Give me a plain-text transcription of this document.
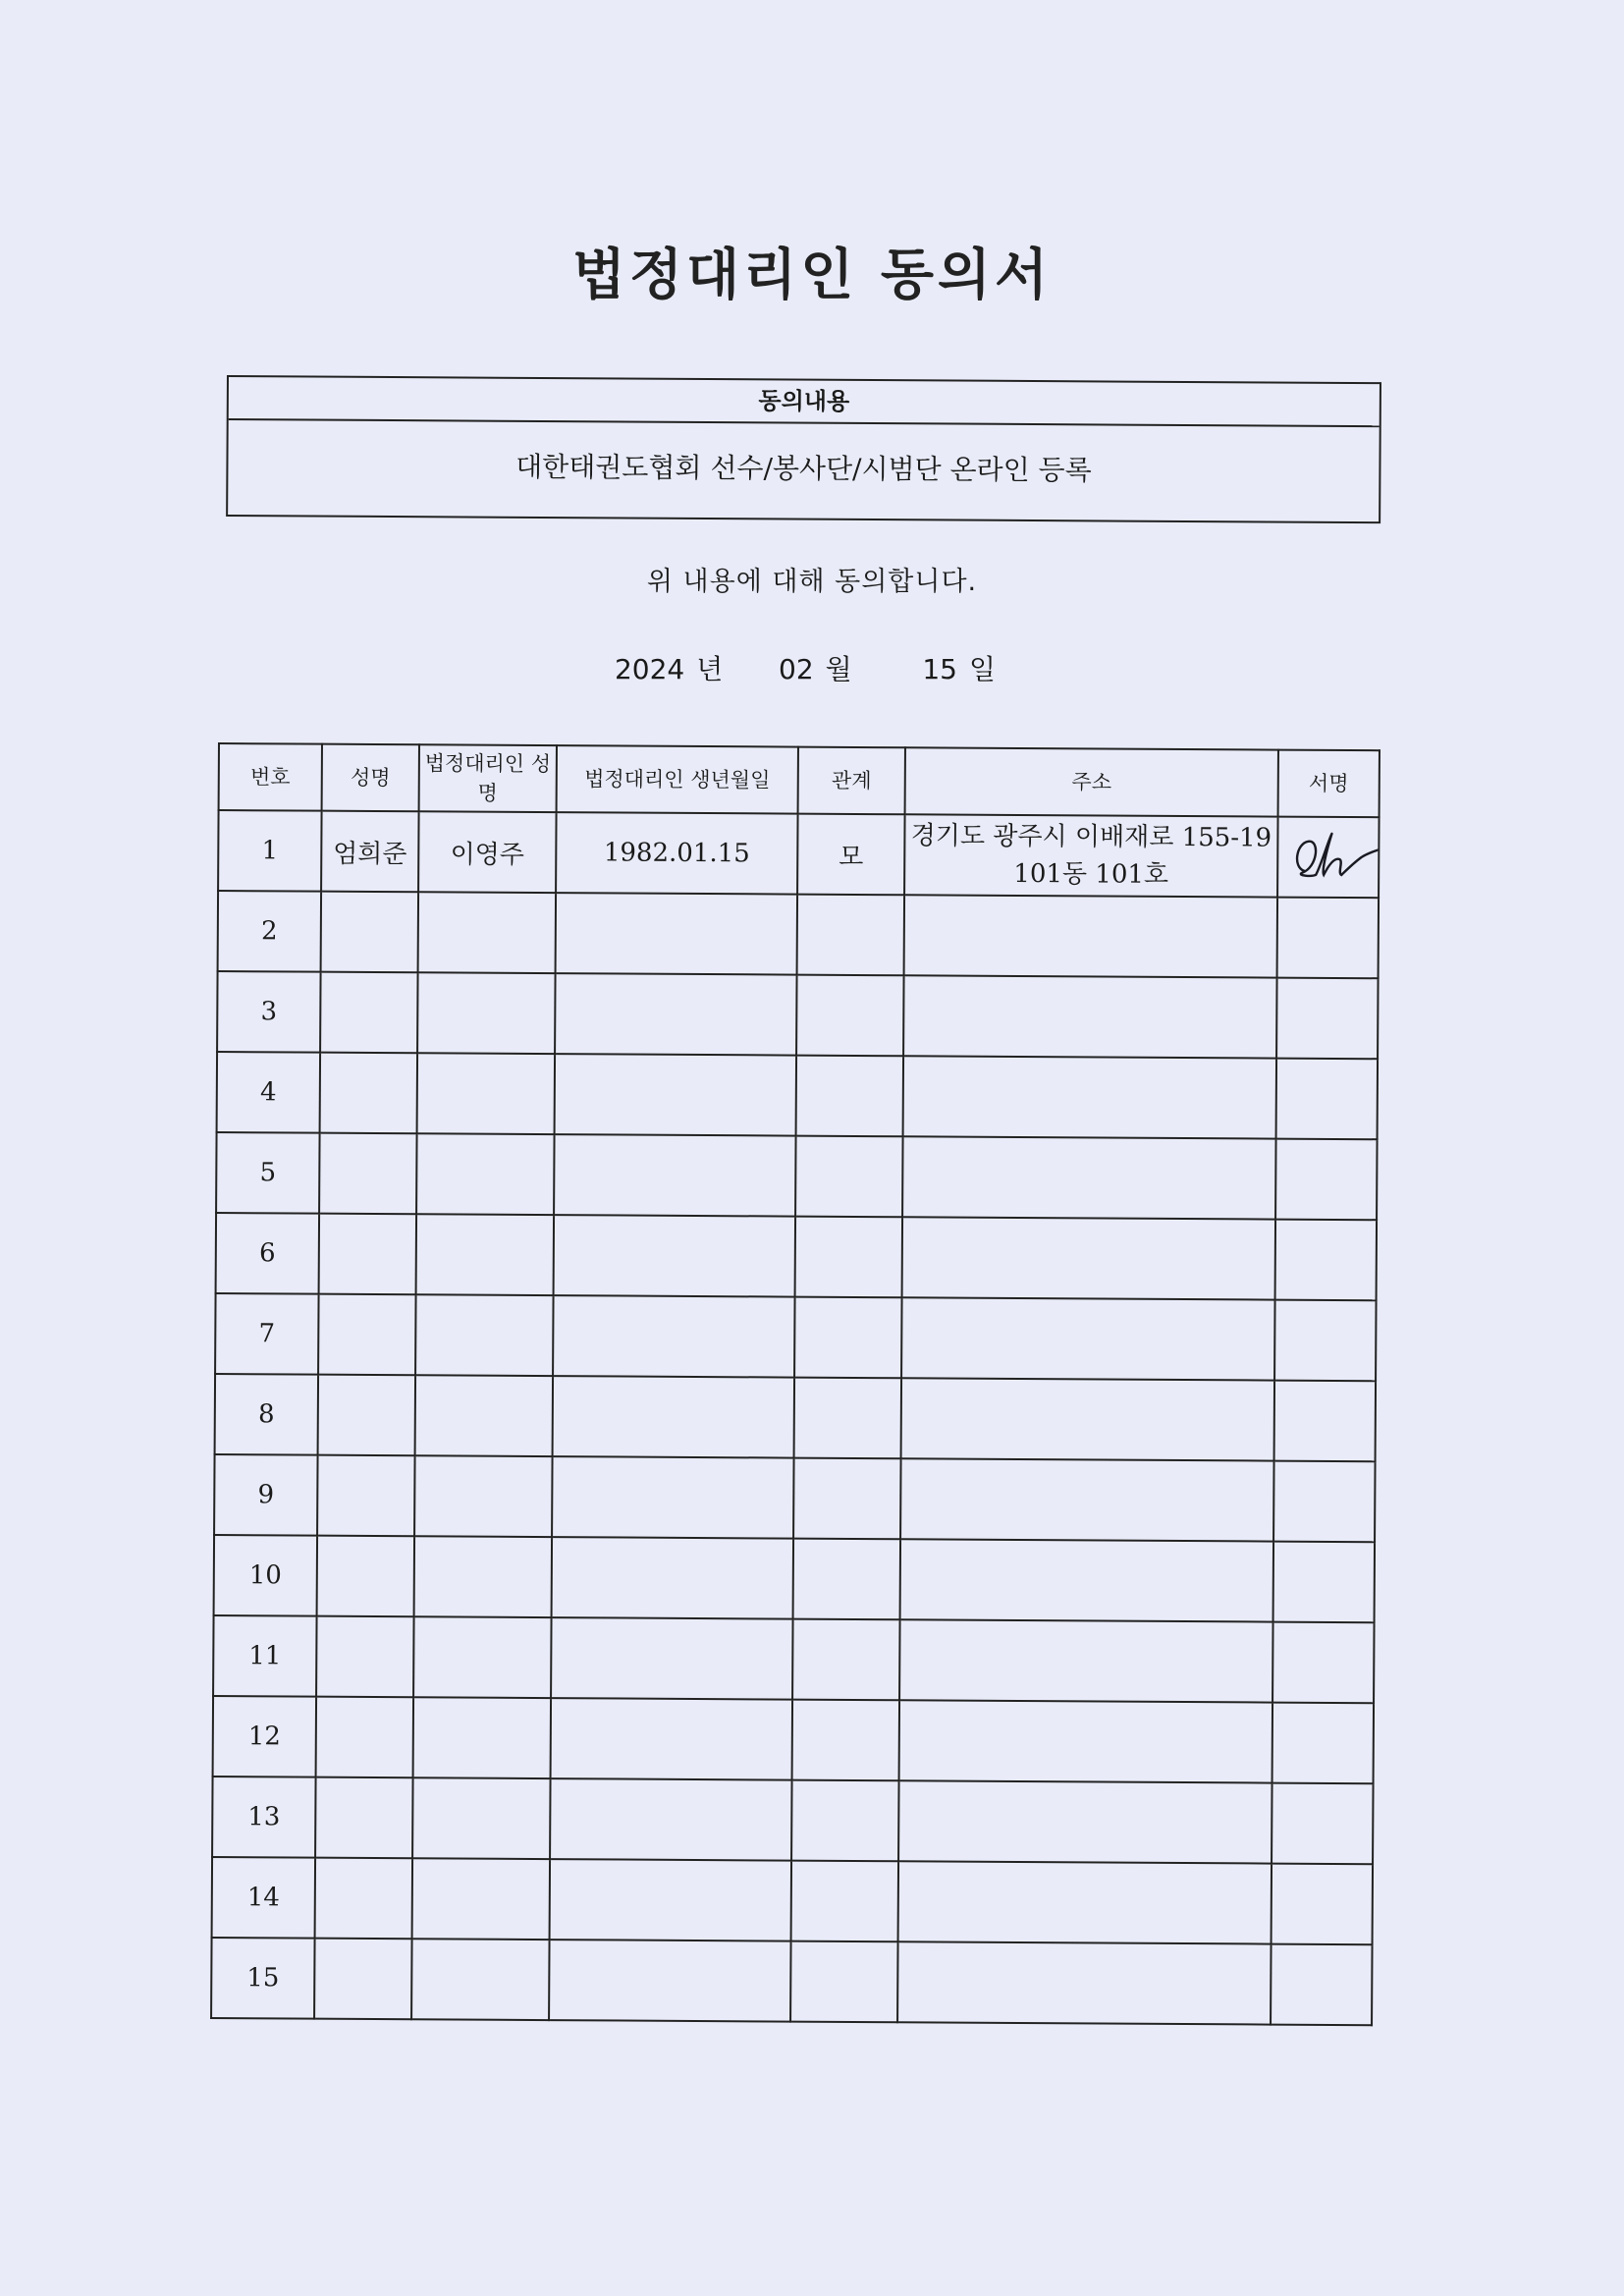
법정대리인 동의서
동의내용
대한태권도협회 선수/봉사단/시범단 온라인 등록
위 내용에 대해 동의합니다.
2024 년 02 월	15 일
번호	성명	법정대리인 성명	법정대리인 생년월일	관계	주소	서명
1	엄희준	이영주	1982.01.15	모	경기도 광주시 이배재로 155-19 101동 101호	

2						
3						
4						
5						
6						
7						
8						
9						
10						
11						
12						
13						
14						
15						
